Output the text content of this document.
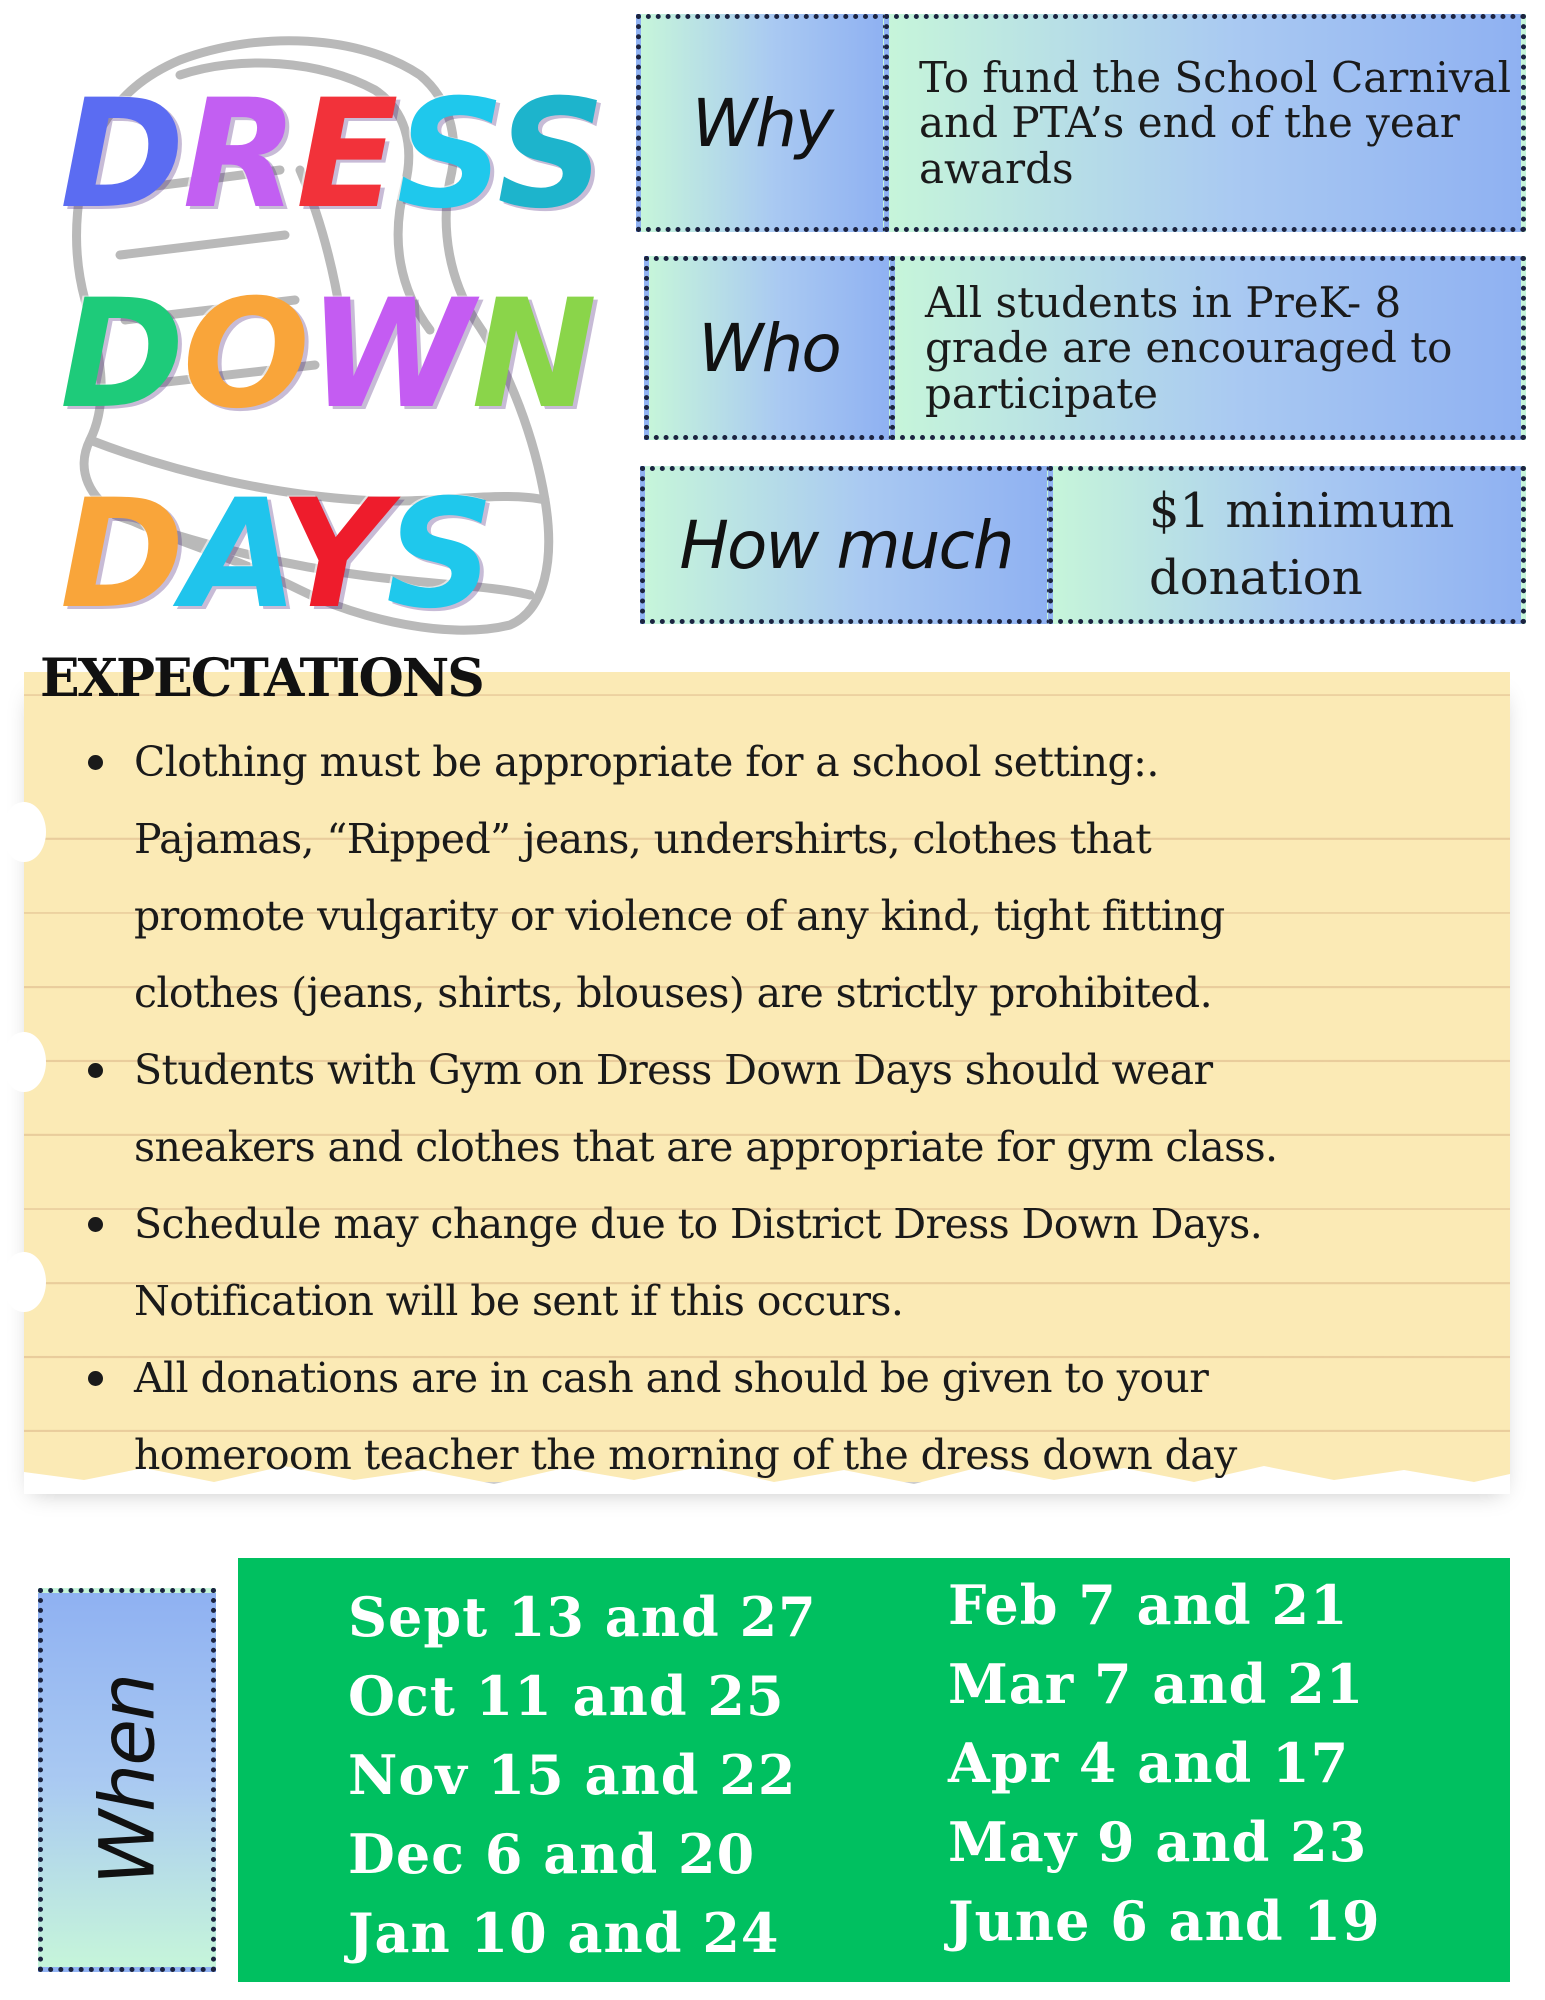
DRESS
DOWN
DAYS
Why
To fund the School Carnival and PTA’s end of the year awards
Who
All students in PreK- 8 grade are encouraged to participate
How much	$1 minimum donation
EXPECTATIONS
Clothing must be appropriate for a school setting:.
Pajamas, “Ripped” jeans, undershirts, clothes that
promote vulgarity or violence of any kind, tight fitting
clothes (jeans, shirts, blouses) are strictly prohibited.
Students with Gym on Dress Down Days should wear
sneakers and clothes that are appropriate for gym class.
Schedule may change due to District Dress Down Days.
Notification will be sent if this occurs.
All donations are in cash and should be given to your
homeroom teacher the morning of the dress down day
When
Sept 13 and 27
Oct 11 and 25
Nov 15 and 22
Dec 6 and 20
Jan 10 and 24
Feb 7 and 21
Mar 7 and 21
Apr 4 and 17
May 9 and 23
June 6 and 19
